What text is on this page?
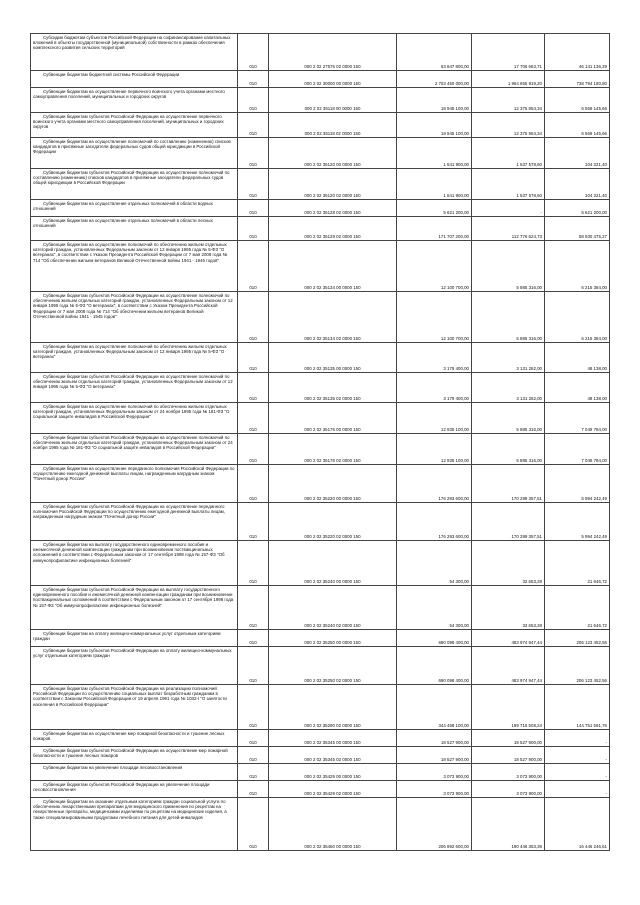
Субсидии бюджетам субъектов Российской Федерации на софинансирование капитальных вложений в объекты государственной (муниципальной) собственности в рамках обеспечения комплексного развития сельских территорий	010	000 2 02 27576 02 0000 150	63 847 800,00	17 706 663,71	46 141 136,29
Субвенции бюджетам бюджетной системы Российской Федерации	010	000 2 02 30000 00 0000 150	2 703 450 000,00	1 964 655 819,20	738 794 180,80
Субвенции бюджетам на осуществление первичного воинского учета органами местного самоуправления поселений, муниципальных и городских округов	010	000 2 02 35118 00 0000 150	18 945 100,00	12 375 954,34	6 569 145,66
Субвенции бюджетам субъектов Российской Федерации на осуществление первичного воинского учета органами местного самоуправления поселений, муниципальных и городских округов	010	000 2 02 35118 02 0000 150	18 945 100,00	12 375 954,34	6 569 145,66
Субвенции бюджетам на осуществление полномочий по составлению (изменению) списков кандидатов в присяжные заседатели федеральных судов общей юрисдикции в Российской Федерации	010	000 2 02 35120 00 0000 150	1 641 900,00	1 537 578,60	104 321,40
Субвенции бюджетам субъектов Российской Федерации на осуществление полномочий по составлению (изменению) списков кандидатов в присяжные заседатели федеральных судов общей юрисдикции в Российской Федерации	010	000 2 02 35120 02 0000 150	1 641 900,00	1 537 578,60	104 321,40
Субвенции бюджетам на осуществление отдельных полномочий в области водных отношений	010	000 2 02 35128 02 0000 150	5 621 200,00	-	5 621 200,00
Субвенции бюджетам на осуществление отдельных полномочий в области лесных отношений	010	000 2 02 35129 02 0000 150	171 707 200,00	112 776 624,73	58 930 475,27
Субвенции бюджетам на осуществление полномочий по обеспечению жильем отдельных категорий граждан, установленных Федеральным законом от 12 января 1995 года № 5-ФЗ "О ветеранах", в соответствии с Указом Президента Российской Федерации от 7 мая 2008 года № 714 "Об обеспечении жильем ветеранов Великой Отечественной войны 1941 - 1945 годов"	010	000 2 02 35134 00 0000 150	12 100 700,00	5 885 316,00	6 215 384,00
Субвенции бюджетам субъектов Российской Федерации на осуществление полномочий по обеспечению жильем отдельных категорий граждан, установленных Федеральным законом от 12 января 1995 года № 5-ФЗ "О ветеранах", в соответствии с Указом Президента Российской Федерации от 7 мая 2008 года № 714 "Об обеспечении жильем ветеранов Великой Отечественной войны 1941 - 1945 годов"	010	000 2 02 35134 02 0000 150	12 100 700,00	5 885 316,00	6 215 384,00
Субвенции бюджетам на осуществление полномочий по обеспечению жильем отдельных категорий граждан, установленных Федеральным законом от 12 января 1995 года № 5-ФЗ "О ветеранах"	010	000 2 02 35135 00 0000 150	3 179 400,00	3 131 262,00	48 138,00
Субвенции бюджетам субъектов Российской Федерации на осуществление полномочий по обеспечению жильем отдельных категорий граждан, установленных Федеральным законом от 12 января 1995 года № 5-ФЗ "О ветеранах"	010	000 2 02 35135 02 0000 150	3 179 400,00	3 131 262,00	48 138,00
Субвенции бюджетам на осуществление полномочий по обеспечению жильем отдельных категорий граждан, установленных Федеральным законом от 24 ноября 1995 года № 181-ФЗ "О социальной защите инвалидов в Российской Федерации"	010	000 2 02 35176 00 0000 150	12 935 100,00	5 885 316,00	7 049 784,00
Субвенции бюджетам субъектов Российской Федерации на осуществление полномочий по обеспечению жильем отдельных категорий граждан, установленных Федеральным законом от 24 ноября 1995 года № 181-ФЗ "О социальной защите инвалидов в Российской Федерации"	010	000 2 02 35176 02 0000 150	12 935 100,00	5 885 316,00	7 049 784,00
Субвенции бюджетам на осуществление переданного полномочия Российской Федерации по осуществлению ежегодной денежной выплаты лицам, награжденным нагрудным знаком "Почетный донор России"	010	000 2 02 35220 00 0000 150	176 293 600,00	170 299 357,51	5 994 242,49
Субвенции бюджетам субъектов Российской Федерации на осуществление переданного полномочия Российской Федерации по осуществлению ежегодной денежной выплаты лицам, награжденным нагрудным знаком "Почетный донор России"	010	000 2 02 35220 02 0000 150	176 293 600,00	170 299 357,51	5 994 242,49
Субвенции бюджетам на выплату государственного единовременного пособия и ежемесячной денежной компенсации гражданам при возникновении поствакцинальных осложнений в соответствии с Федеральным законом от 17 сентября 1998 года № 157-ФЗ "Об иммунопрофилактике инфекционных болезней"	010	000 2 02 35240 00 0000 150	54 300,00	32 653,28	21 646,72
Субвенции бюджетам субъектов Российской Федерации на выплату государственного единовременного пособия и ежемесячной денежной компенсации гражданам при возникновении поствакцинальных осложнений в соответствии с Федеральным законом от 17 сентября 1998 года № 157-ФЗ "Об иммунопрофилактике инфекционных болезней"	010	000 2 02 35240 02 0000 150	54 300,00	32 653,28	21 646,72
Субвенции бюджетам на оплату жилищно-коммунальных услуг отдельным категориям граждан	010	000 2 02 35250 00 0000 150	690 098 400,00	483 974 947,44	206 123 452,56
Субвенции бюджетам субъектов Российской Федерации на оплату жилищно-коммунальных услуг отдельным категориям граждан	010	000 2 02 35250 02 0000 150	690 098 400,00	483 974 947,44	206 123 452,56
Субвенции бюджетам субъектов Российской Федерации на реализацию полномочий Российской Федерации по осуществлению социальных выплат безработным гражданам в соответствии с Законом Российской Федерации от 19 апреля 1991 года № 1032-I "О занятости населения в Российской Федерации"	010	000 2 02 35290 02 0000 150	344 468 100,00	199 716 508,24	144 751 591,76
Субвенции бюджетам на осуществление мер пожарной безопасности и тушение лесных пожаров	010	000 2 02 35345 00 0000 150	18 527 900,00	18 527 900,00	-
Субвенции бюджетам субъектов Российской Федерации на осуществление мер пожарной безопасности и тушение лесных пожаров	010	000 2 02 35345 02 0000 150	18 527 900,00	18 527 900,00	-
Субвенции бюджетам на увеличение площади лесовосстановления	010	000 2 02 35429 00 0000 150	3 073 900,00	3 073 900,00	-
Субвенции бюджетам субъектов Российской Федерации на увеличение площади лесовосстановления	010	000 2 02 35429 02 0000 150	3 073 900,00	3 073 900,00	-
Субвенции бюджетам на оказание отдельным категориям граждан социальной услуги по обеспечению лекарственными препаратами для медицинского применения по рецептам на лекарственные препараты, медицинскими изделиями по рецептам на медицинские изделия, а также специализированными продуктами лечебного питания для детей-инвалидов	010	000 2 02 35460 00 0000 150	206 892 600,00	190 446 353,39	16 446 246,61
